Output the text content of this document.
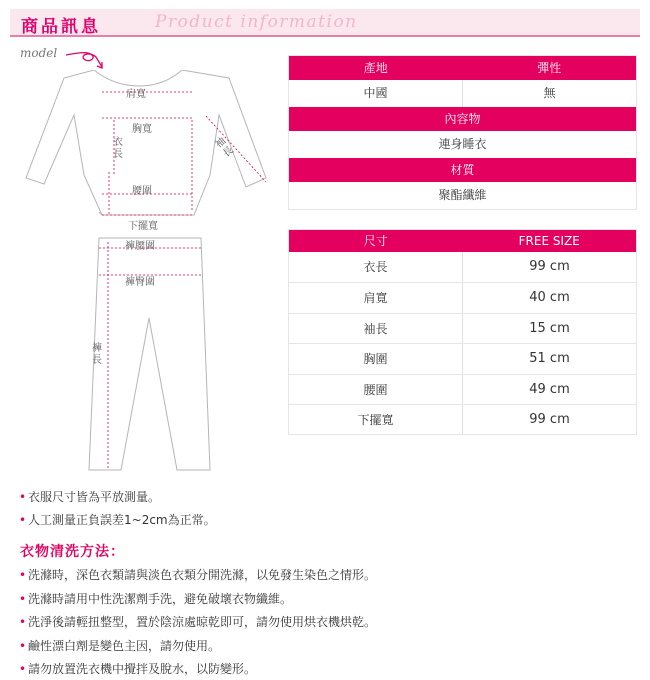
商品訊息	Product information
model
肩寬
胸寬
衣長
袖長
腰圍
下擺寬
褲腰圍
褲臀圍
褲長
產地	彈性
中國	無
內容物
連身睡衣
材質
聚酯纖維
尺寸	FREE SIZE
衣長	99 cm
肩寬	40 cm
袖長	15 cm
胸圍	51 cm
腰圍	49 cm
下擺寬	99 cm
• 衣服尺寸皆為平放測量。
• 人工測量正負誤差1~2cm為正常。
衣物清洗方法：
• 洗滌時，深色衣類請與淡色衣類分開洗滌，以免發生染色之情形。
• 洗滌時請用中性洗潔劑手洗，避免破壞衣物纖維。
• 洗淨後請輕扭整型，置於陰涼處晾乾即可，請勿使用烘衣機烘乾。
• 鹼性漂白劑是變色主因，請勿使用。
• 請勿放置洗衣機中攪拌及脫水，以防變形。
